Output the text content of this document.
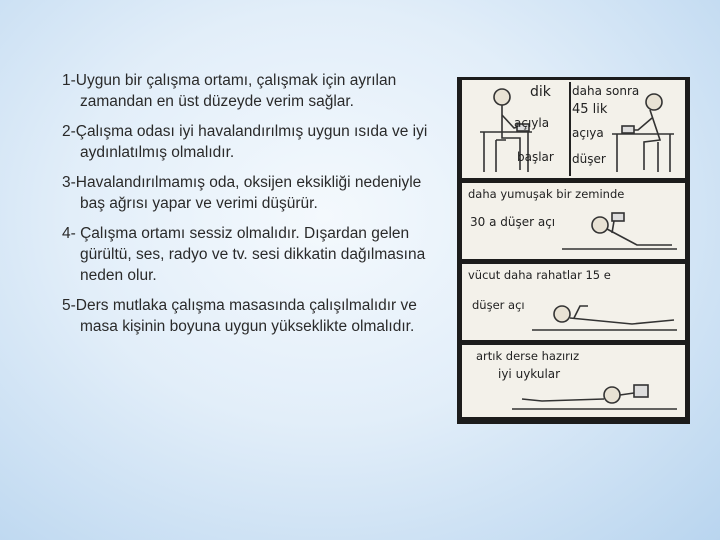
1-Uygun bir çalışma ortamı, çalışmak için ayrılan zamandan en üst düzeyde verim sağlar.

2-Çalışma odası iyi havalandırılmış uygun ısıda ve iyi aydınlatılmış olmalıdır.

3-Havalandırılmamış oda, oksijen eksikliği nedeniyle baş ağrısı yapar ve verimi düşürür.

4- Çalışma ortamı sessiz olmalıdır. Dışardan gelen gürültü, ses, radyo ve tv. sesi dikkatin dağılmasına neden olur.

5-Ders mutlaka çalışma masasında çalışılmalıdır ve masa kişinin boyuna uygun yükseklikte olmalıdır.

dik
açıyla
başlar
daha sonra
45 lik
açıya
düşer
daha yumuşak bir zeminde
30 a düşer açı
vücut daha rahatlar 15 e
düşer açı
artık derse hazırız
iyi uykular
